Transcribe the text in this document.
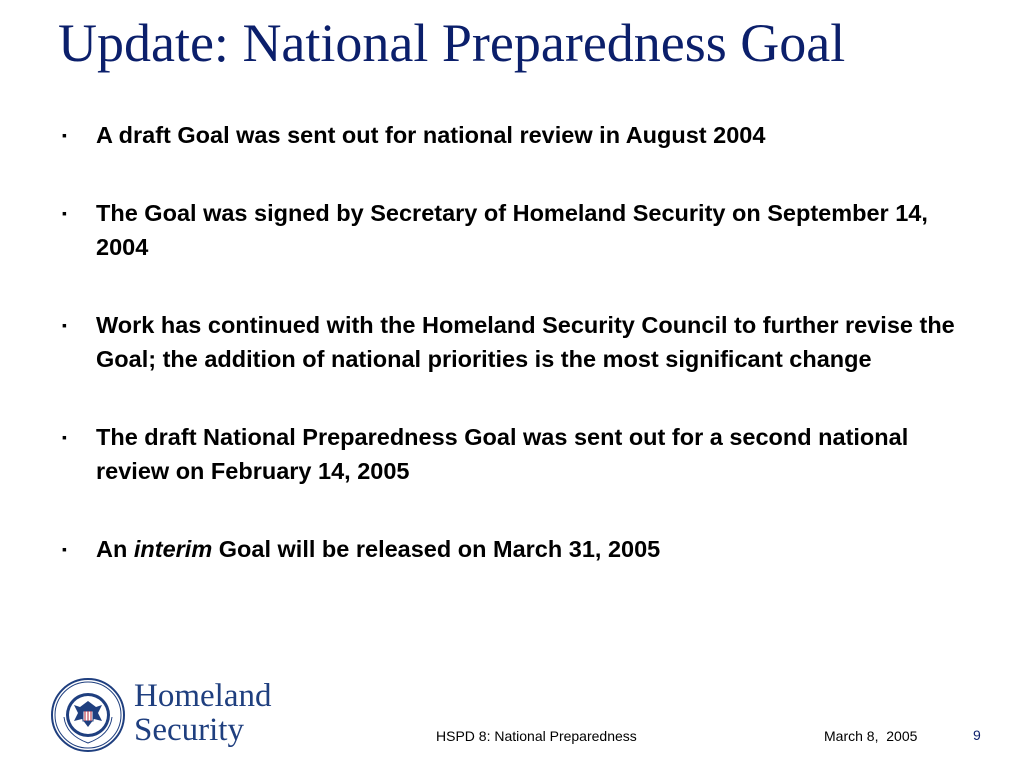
Update: National Preparedness Goal
▪ A draft Goal was sent out for national review in August 2004
▪ The Goal was signed by Secretary of Homeland Security on September 14, 2004
▪ Work has continued with the Homeland Security Council to further revise the Goal; the addition of national priorities is the most significant change
▪ The draft National Preparedness Goal was sent out for a second national review on February 14, 2005
▪ An interim Goal will be released on March 31, 2005
Homeland
Security	HSPD 8: National Preparedness	March 8,  2005	9
